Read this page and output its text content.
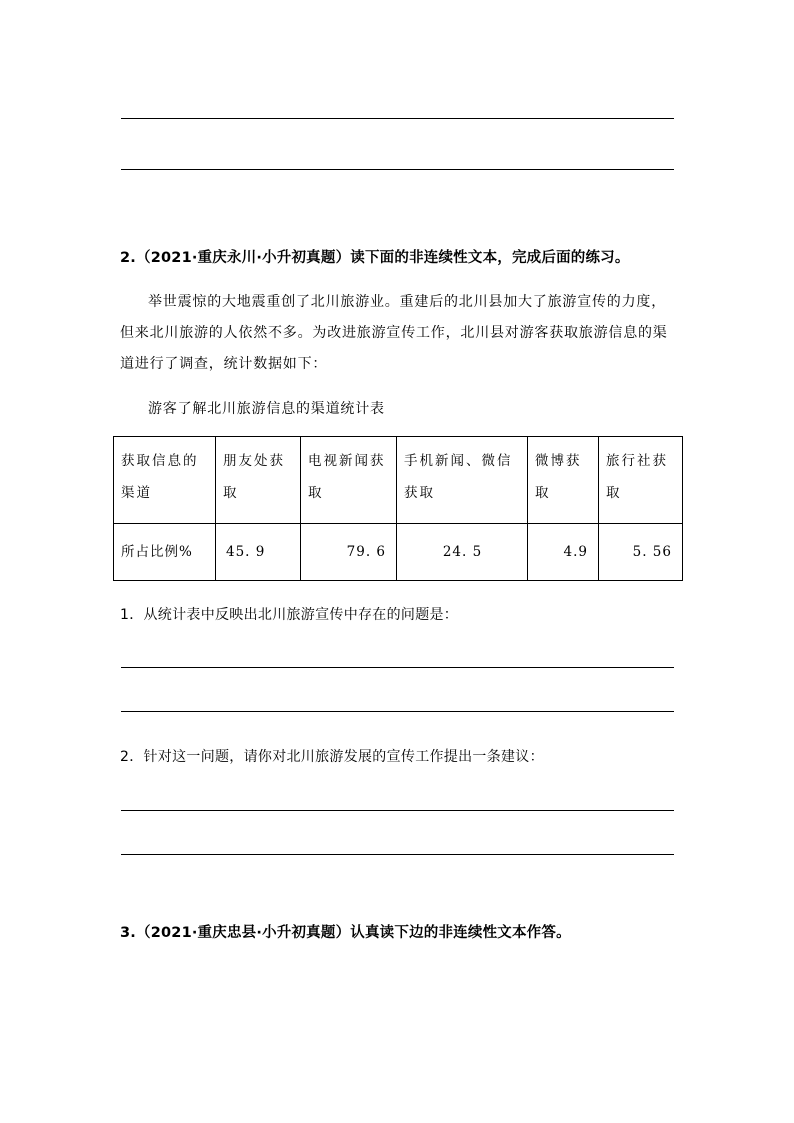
2.（2021·重庆永川·小升初真题）读下面的非连续性文本，完成后面的练习。
举世震惊的大地震重创了北川旅游业。重建后的北川县加大了旅游宣传的力度，但来北川旅游的人依然不多。为改进旅游宣传工作，北川县对游客获取旅游信息的渠道进行了调查，统计数据如下：
游客了解北川旅游信息的渠道统计表
获取信息的渠道	朋友处获取	电视新闻获取	手机新闻、微信获取	微博获取	旅行社获取
所占比例%	45. 9	79. 6	24. 5	4.9	5. 56
1．从统计表中反映出北川旅游宣传中存在的问题是：
2．针对这一问题，请你对北川旅游发展的宣传工作提出一条建议：
3.（2021·重庆忠县·小升初真题）认真读下边的非连续性文本作答。
